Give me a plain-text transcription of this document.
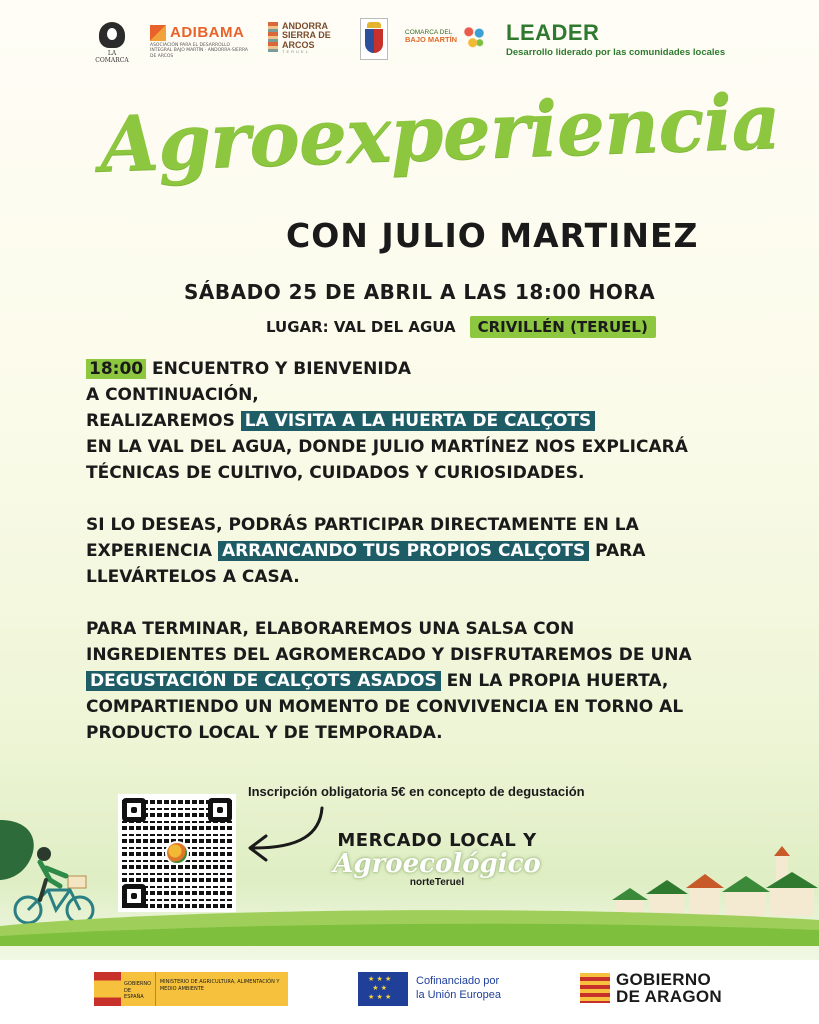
LA COMARCA
ADIBAMA
ASOCIACIÓN PARA EL DESARROLLO INTEGRAL BAJO MARTÍN · ANDORRA-SIERRA DE ARCOS
ANDORRA SIERRA DE ARCOS
TERUEL
COMARCA DEL
BAJO MARTÍN LEADER
Desarrollo liderado por las comunidades locales
Agroexperiencia
CON JULIO MARTINEZ
SÁBADO 25 DE ABRIL A LAS 18:00 HORA
LUGAR: VAL DEL AGUA	CRIVILLÉN (TERUEL)
18:00 ENCUENTRO Y BIENVENIDA
A CONTINUACIÓN,
REALIZAREMOS LA VISITA A LA HUERTA DE CALÇOTS
EN LA VAL DEL AGUA, DONDE JULIO MARTÍNEZ NOS EXPLICARÁ
TÉCNICAS DE CULTIVO, CUIDADOS Y CURIOSIDADES.
SI LO DESEAS, PODRÁS PARTICIPAR DIRECTAMENTE EN LA
EXPERIENCIA ARRANCANDO TUS PROPIOS CALÇOTS PARA
LLEVÁRTELOS A CASA.
PARA TERMINAR, ELABORAREMOS UNA SALSA CON
INGREDIENTES DEL AGROMERCADO Y DISFRUTAREMOS DE UNA
DEGUSTACIÓN DE CALÇOTS ASADOS EN LA PROPIA HUERTA,
COMPARTIENDO UN MOMENTO DE CONVIVENCIA EN TORNO AL
PRODUCTO LOCAL Y DE TEMPORADA.
Inscripción obligatoria 5€ en concepto de degustación
MERCADO LOCAL Y
Agroecológico
norteTeruel
GOBIERNO DE ESPAÑA
MINISTERIO DE AGRICULTURA, ALIMENTACIÓN Y MEDIO AMBIENTE
★ ★ ★ ★ ★ ★ ★ ★
Cofinanciado por
la Unión Europea
GOBIERNO
DE ARAGON
